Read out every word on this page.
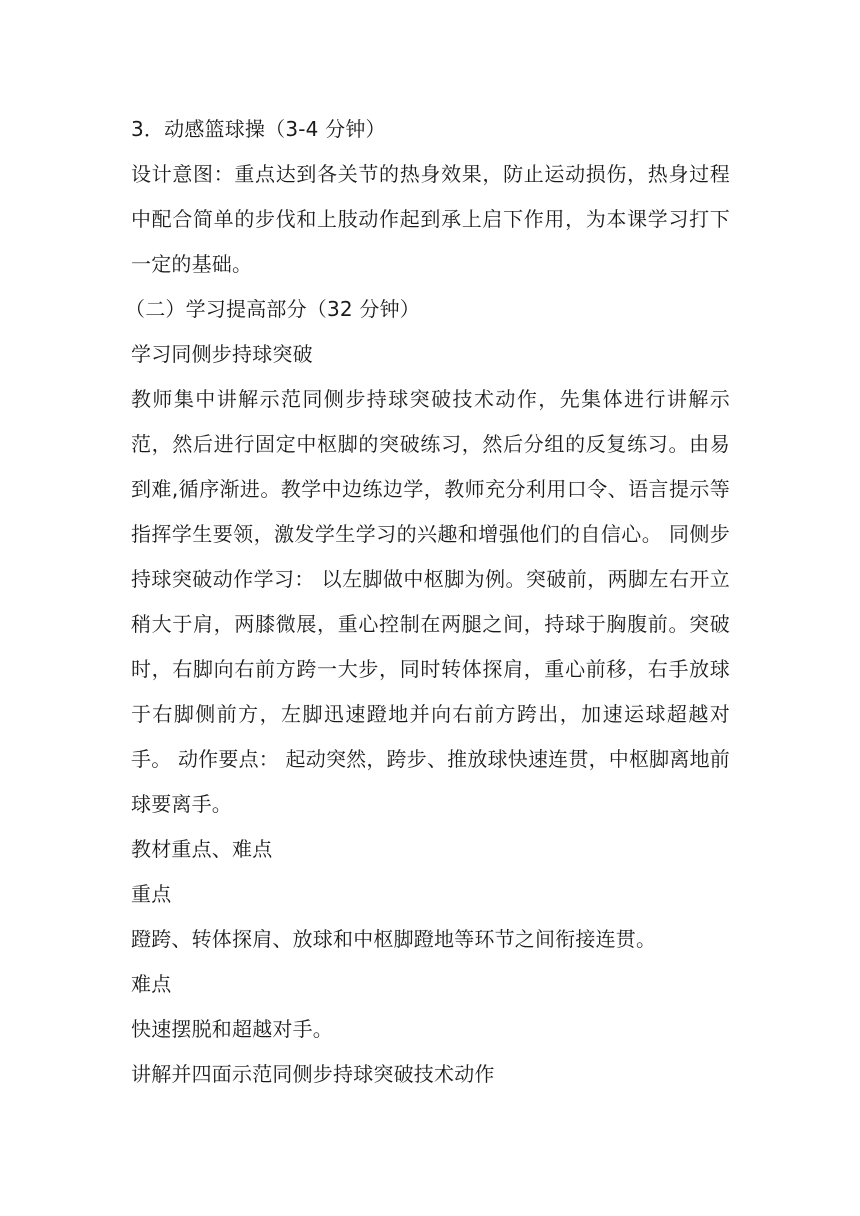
3．动感篮球操（3-4 分钟）

设计意图：重点达到各关节的热身效果，防止运动损伤，热身过程中配合简单的步伐和上肢动作起到承上启下作用，为本课学习打下一定的基础。

（二）学习提高部分（32 分钟）

学习同侧步持球突破

教师集中讲解示范同侧步持球突破技术动作，先集体进行讲解示范，然后进行固定中枢脚的突破练习，然后分组的反复练习。由易到难,循序渐进。教学中边练边学，教师充分利用口令、语言提示等指挥学生要领，激发学生学习的兴趣和增强他们的自信心。 同侧步持球突破动作学习： 以左脚做中枢脚为例。突破前，两脚左右开立稍大于肩，两膝微展，重心控制在两腿之间，持球于胸腹前。突破时，右脚向右前方跨一大步，同时转体探肩，重心前移，右手放球于右脚侧前方，左脚迅速蹬地并向右前方跨出，加速运球超越对手。 动作要点： 起动突然，跨步、推放球快速连贯，中枢脚离地前球要离手。

教材重点、难点

重点

蹬跨、转体探肩、放球和中枢脚蹬地等环节之间衔接连贯。

难点

快速摆脱和超越对手。

讲解并四面示范同侧步持球突破技术动作
